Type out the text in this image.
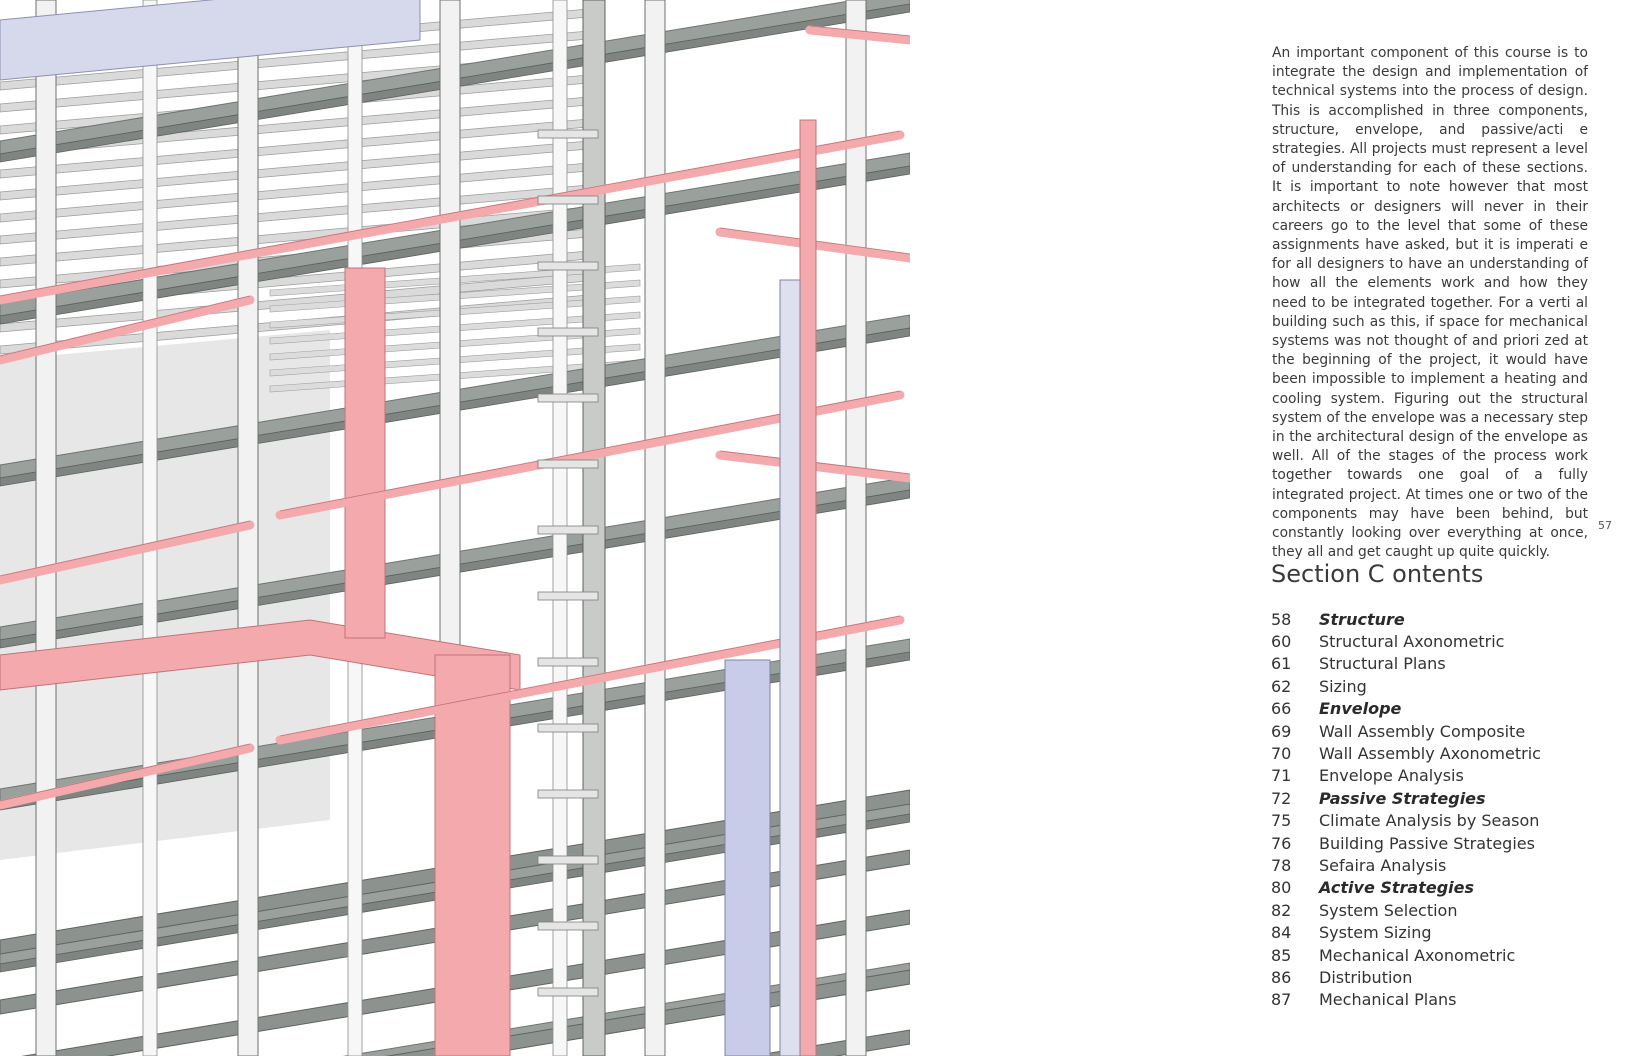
An important component of this course is to integrate the design and implementation of technical systems into the process of design. This is accomplished in three components, structure, envelope, and passive/acti e strategies. All projects must represent a level of understanding for each of these sections. It is important to note however that most architects or designers will never in their careers go to the level that some of these assignments have asked, but it is imperati e for all designers to have an understanding of how all the elements work and how they need to be integrated together. For a verti al building such as this, if space for mechanical systems was not thought of and priori zed at the beginning of the project, it would have been impossible to implement a heating and cooling system. Figuring out the structural system of the envelope was a necessary step in the architectural design of the envelope as well. All of the stages of the process work together towards one goal of a fully integrated project. At times one or two of the components may have been behind, but constantly looking over everything at once, they all and get caught up quite quickly.

57
Section C ontents
58	Structure
60	Structural Axonometric
61	Structural Plans
62	Sizing
66	Envelope
69	Wall Assembly Composite
70	Wall Assembly Axonometric
71	Envelope Analysis
72	Passive Strategies
75	Climate Analysis by Season
76	Building Passive Strategies
78	Sefaira Analysis
80	Active Strategies
82	System Selection
84	System Sizing
85	Mechanical Axonometric
86	Distribution
87	Mechanical Plans
